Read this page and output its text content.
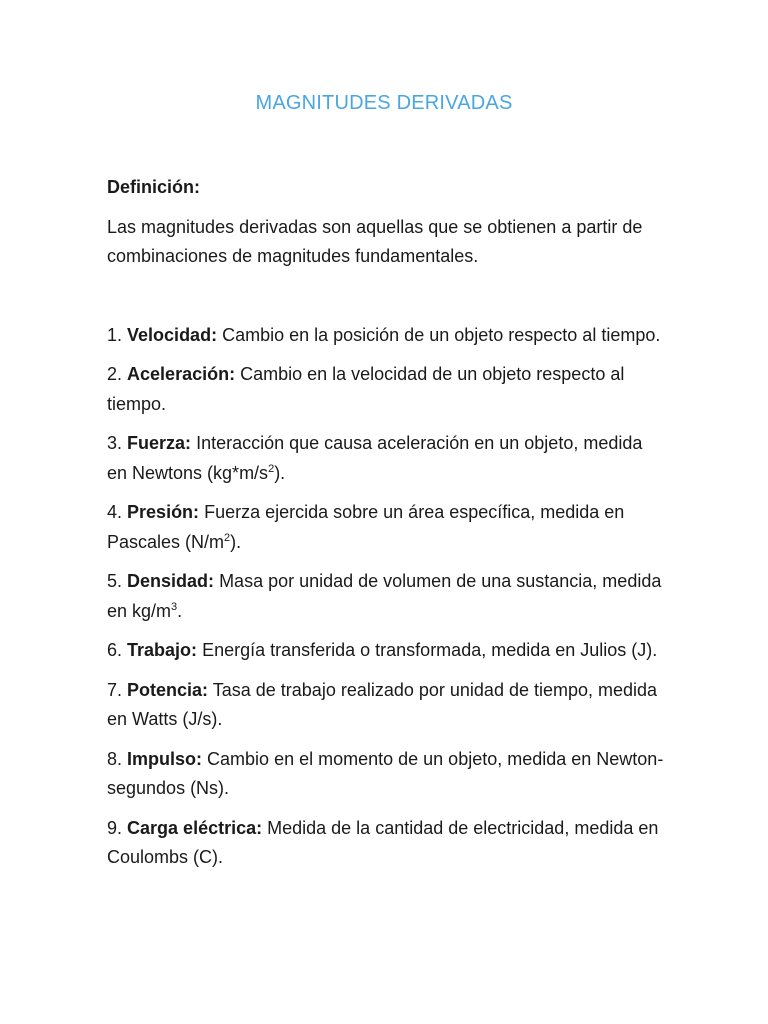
MAGNITUDES DERIVADAS

Definición:

Las magnitudes derivadas son aquellas que se obtienen a partir de combinaciones de magnitudes fundamentales.

1. Velocidad: Cambio en la posición de un objeto respecto al tiempo.
2. Aceleración: Cambio en la velocidad de un objeto respecto al tiempo.
3. Fuerza: Interacción que causa aceleración en un objeto, medida en Newtons $(kg*m/s^2)$.
4. Presión: Fuerza ejercida sobre un área específica, medida en Pascales $(N/m^2)$.
5. Densidad: Masa por unidad de volumen de una sustancia, medida en $kg/m^3$.
6. Trabajo: Energía transferida o transformada, medida en Julios (J).
7. Potencia: Tasa de trabajo realizado por unidad de tiempo, medida en Watts (J/s).
8. Impulso: Cambio en el momento de un objeto, medida en Newton-segundos (Ns).
9. Carga eléctrica: Medida de la cantidad de electricidad, medida en Coulombs (C).
